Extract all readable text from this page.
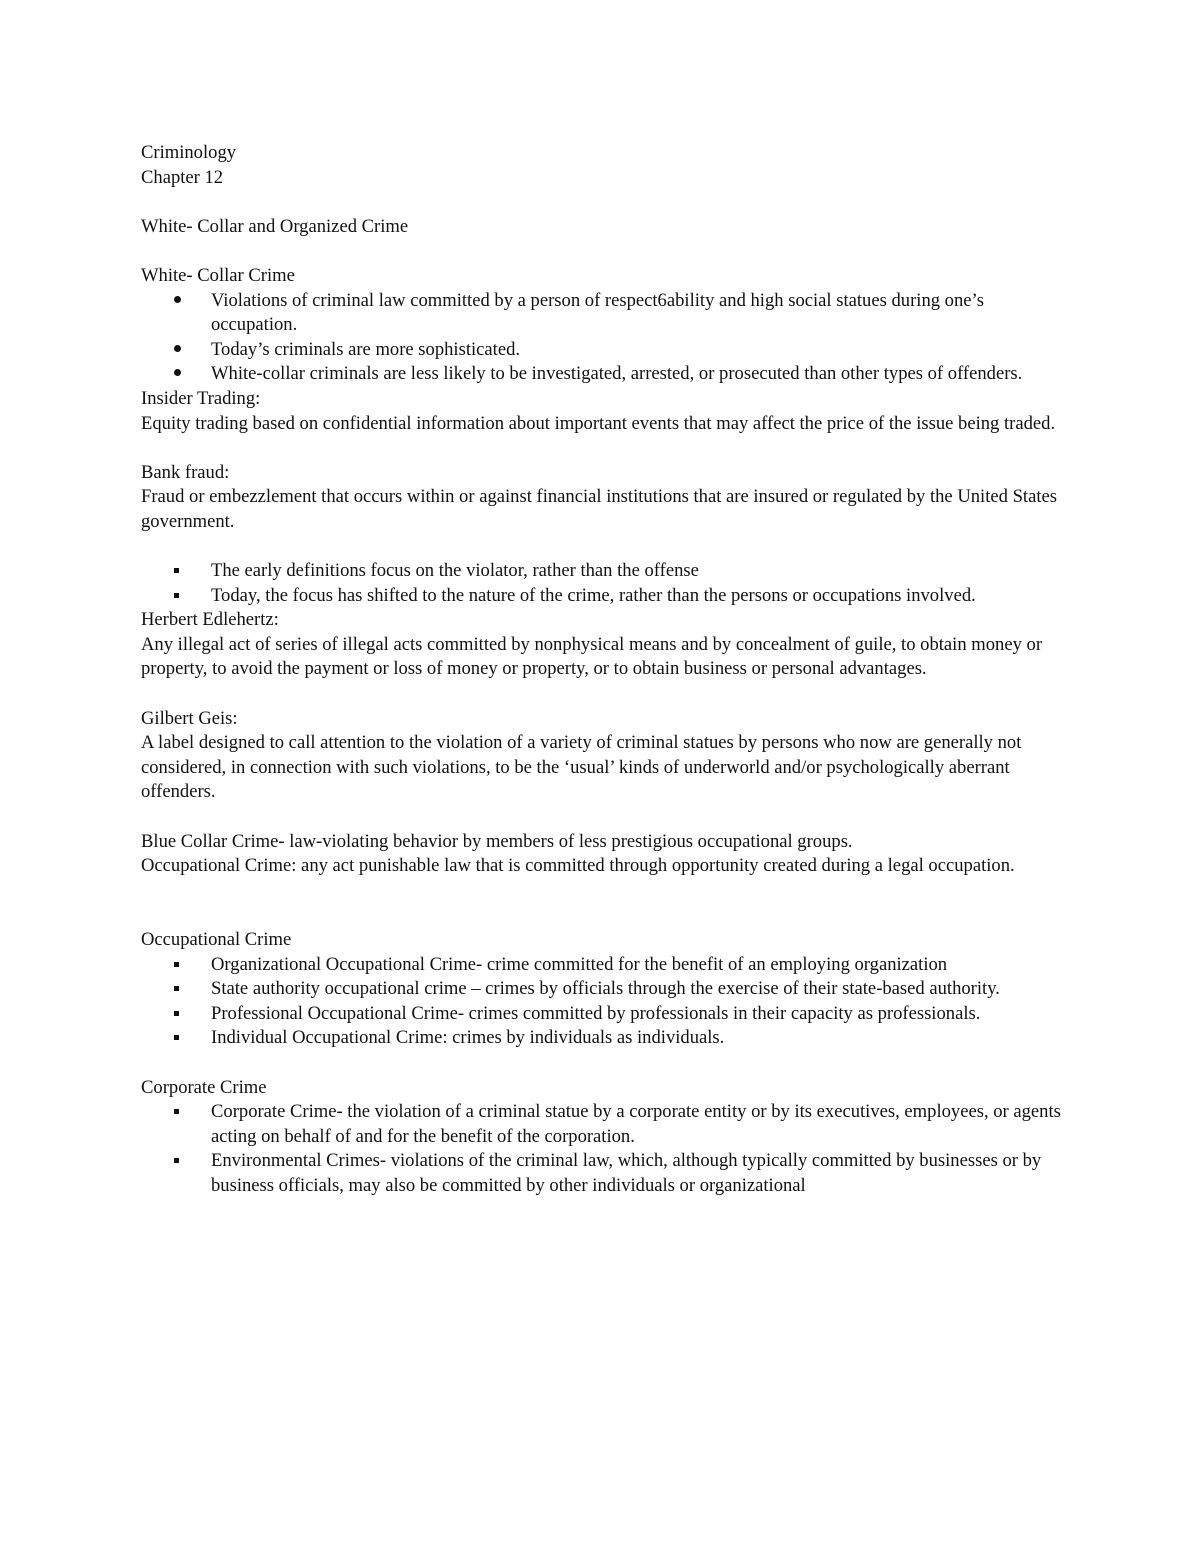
Criminology

Chapter 12

White- Collar and Organized Crime

White- Collar Crime

Violations of criminal law committed by a person of respect6ability and high social statues during one’s occupation.
Today’s criminals are more sophisticated.
White-collar criminals are less likely to be investigated, arrested, or prosecuted than other types of offenders.

Insider Trading:

Equity trading based on confidential information about important events that may affect the price of the issue being traded.

Bank fraud:

Fraud or embezzlement that occurs within or against financial institutions that are insured or regulated by the United States government.

The early definitions focus on the violator, rather than the offense
Today, the focus has shifted to the nature of the crime, rather than the persons or occupations involved.

Herbert Edlehertz:

Any illegal act of series of illegal acts committed by nonphysical means and by concealment of guile, to obtain money or property, to avoid the payment or loss of money or property, or to obtain business or personal advantages.

Gilbert Geis:

A label designed to call attention to the violation of a variety of criminal statues by persons who now are generally not considered, in connection with such violations, to be the ‘usual’ kinds of underworld and/or psychologically aberrant offenders.

Blue Collar Crime- law-violating behavior by members of less prestigious occupational groups.

Occupational Crime: any act punishable law that is committed through opportunity created during a legal occupation.

Occupational Crime

Organizational Occupational Crime- crime committed for the benefit of an employing organization
State authority occupational crime – crimes by officials through the exercise of their state-based authority.
Professional Occupational Crime- crimes committed by professionals in their capacity as professionals.
Individual Occupational Crime: crimes by individuals as individuals.

Corporate Crime

Corporate Crime- the violation of a criminal statue by a corporate entity or by its executives, employees, or agents acting on behalf of and for the benefit of the corporation.
Environmental Crimes- violations of the criminal law, which, although typically committed by businesses or by business officials, may also be committed by other individuals or organizational
